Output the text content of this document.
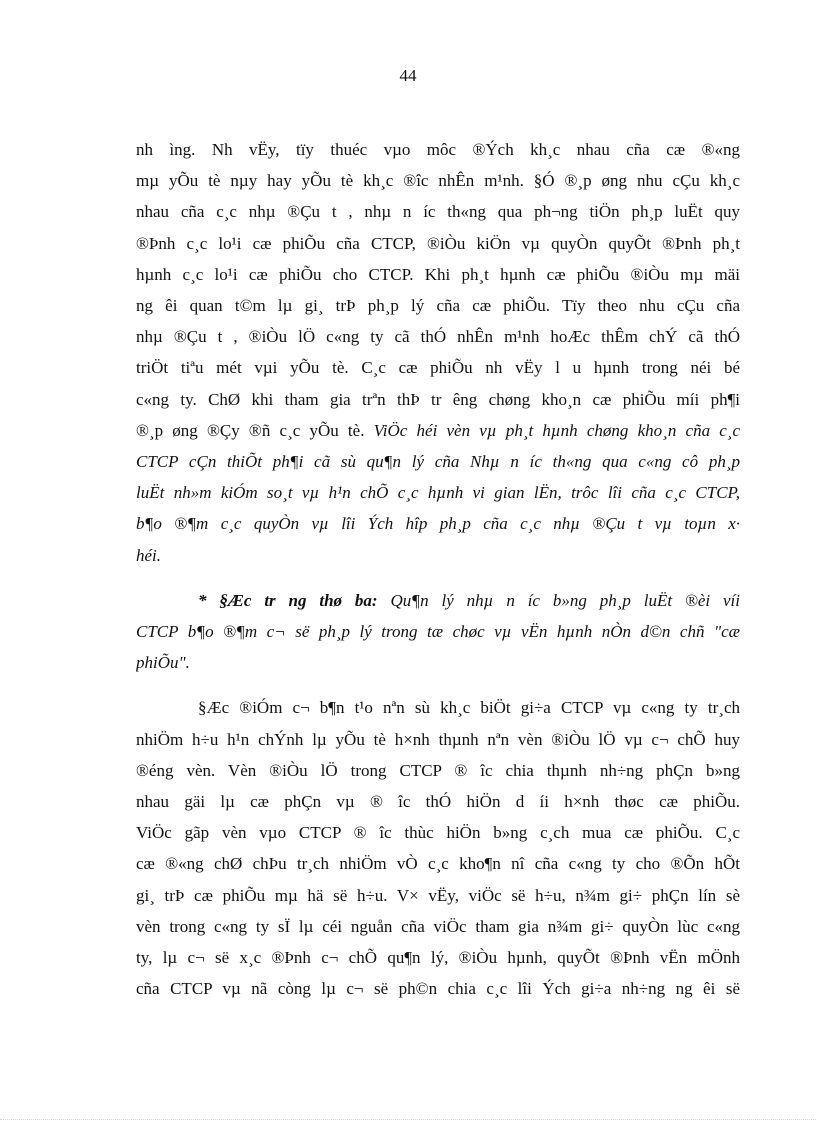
44

nh ìng. Nh vËy, tïy thuéc vµo môc ®Ých kh¸c nhau cña cæ ®«ng
mµ yÕu tè nµy hay yÕu tè kh¸c ®îc nhÊn m¹nh. §Ó ®¸p øng nhu cÇu kh¸c
nhau cña c¸c nhµ ®Çu t , nhµ n íc th«ng qua ph¬ng tiÖn ph¸p luËt quy
®Þnh c¸c lo¹i cæ phiÕu cña CTCP, ®iÒu kiÖn vµ quyÒn quyÕt ®Þnh ph¸t
hµnh c¸c lo¹i cæ phiÕu cho CTCP. Khi ph¸t hµnh cæ phiÕu ®iÒu mµ mäi
ng êi quan t©m lµ gi¸ trÞ ph¸p lý cña cæ phiÕu. Tïy theo nhu cÇu cña
nhµ ®Çu t , ®iÒu lÖ c«ng ty cã thÓ nhÊn m¹nh hoÆc thÊm chÝ cã thÓ
triÖt tiªu mét vµi yÕu tè. C¸c cæ phiÕu nh vËy l u hµnh trong néi bé
c«ng ty. ChØ khi tham gia trªn thÞ tr êng chøng kho¸n cæ phiÕu míi ph¶i
®¸p øng ®Çy ®ñ c¸c yÕu tè. ViÖc héi vèn vµ ph¸t hµnh chøng kho¸n cña c¸c
CTCP cÇn thiÕt ph¶i cã sù qu¶n lý cña Nhµ n íc th«ng qua c«ng cô ph¸p
luËt nh»m kiÓm so¸t vµ h¹n chÕ c¸c hµnh vi gian lËn, trôc lîi cña c¸c CTCP,
b¶o ®¶m c¸c quyÒn vµ lîi Ých hîp ph¸p cña c¸c nhµ ®Çu t vµ toµn x·
héi.

* §Æc tr ng thø ba: Qu¶n lý nhµ n íc b»ng ph¸p luËt ®èi víi
CTCP b¶o ®¶m c¬ së ph¸p lý trong tæ chøc vµ vËn hµnh nÒn d©n chñ "cæ
phiÕu".

§Æc ®iÓm c¬ b¶n t¹o nªn sù kh¸c biÖt gi÷a CTCP vµ c«ng ty tr¸ch
nhiÖm h÷u h¹n chÝnh lµ yÕu tè h×nh thµnh nªn vèn ®iÒu lÖ vµ c¬ chÕ huy
®éng vèn. Vèn ®iÒu lÖ trong CTCP ® îc chia thµnh nh÷ng phÇn b»ng
nhau gäi lµ cæ phÇn vµ ® îc thÓ hiÖn d íi h×nh thøc cæ phiÕu.
ViÖc gãp vèn vµo CTCP ® îc thùc hiÖn b»ng c¸ch mua cæ phiÕu. C¸c
cæ ®«ng chØ chÞu tr¸ch nhiÖm vÒ c¸c kho¶n nî cña c«ng ty cho ®Õn hÕt
gi¸ trÞ cæ phiÕu mµ hä së h÷u. V× vËy, viÖc së h÷u, n¾m gi÷ phÇn lín sè
vèn trong c«ng ty sÏ lµ céi nguån cña viÖc tham gia n¾m gi÷ quyÒn lùc c«ng
ty, lµ c¬ së x¸c ®Þnh c¬ chÕ qu¶n lý, ®iÒu hµnh, quyÕt ®Þnh vËn mÖnh
cña CTCP vµ nã còng lµ c¬ së ph©n chia c¸c lîi Ých gi÷a nh÷ng ng êi së
